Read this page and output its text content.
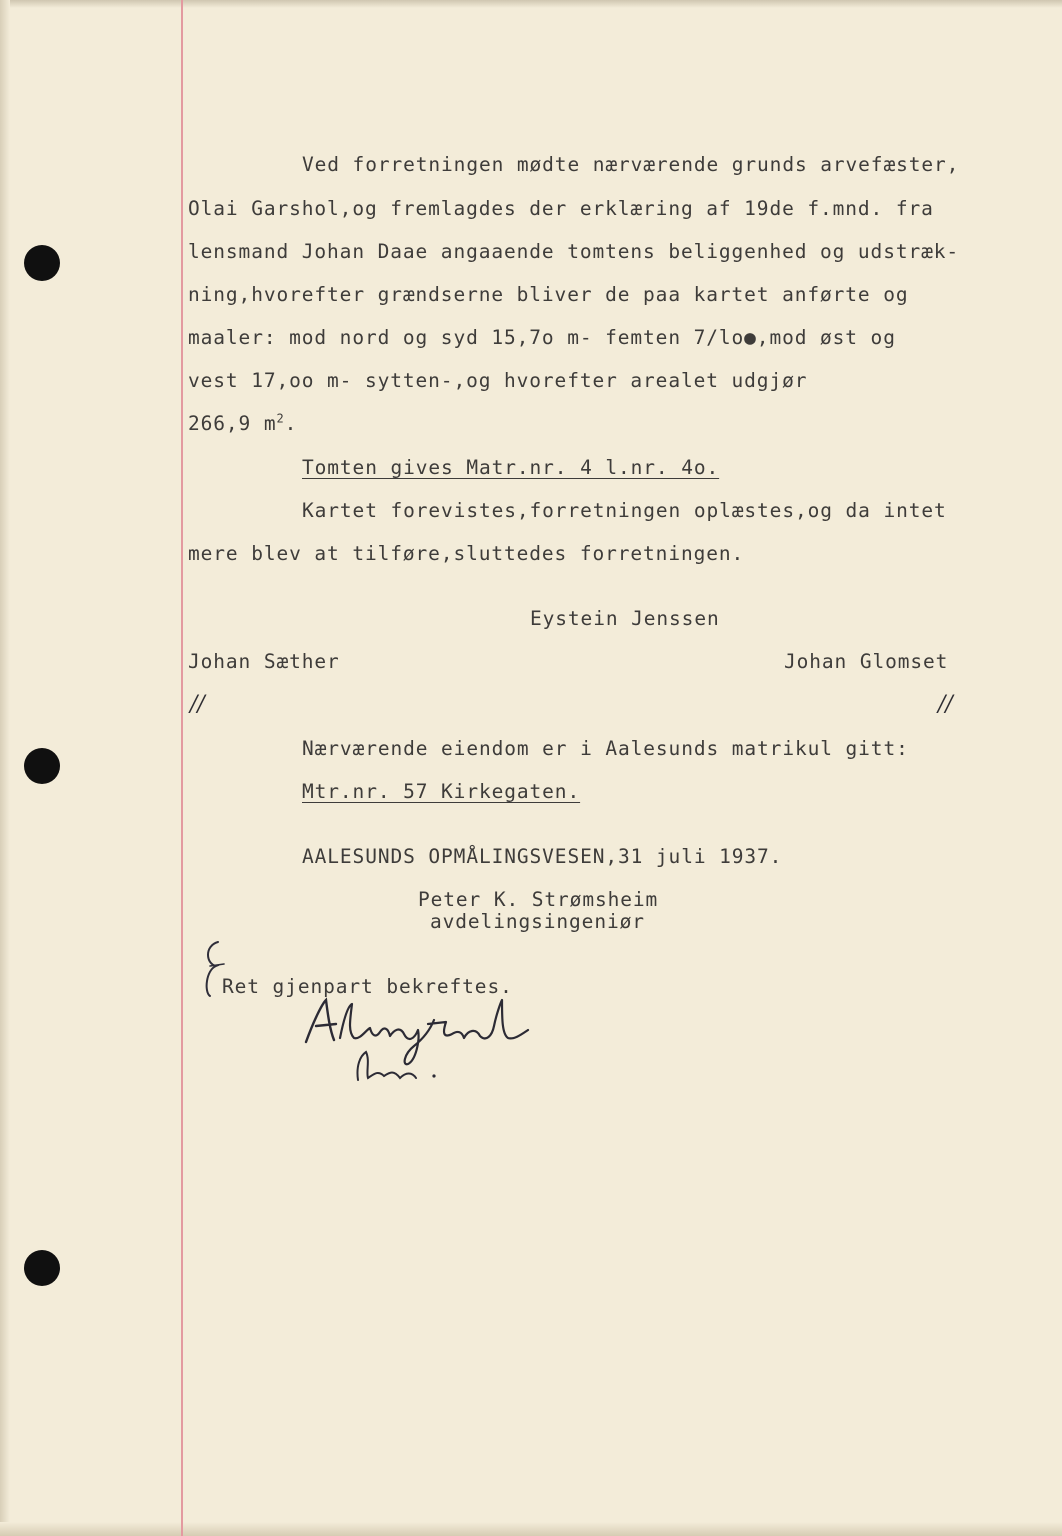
Ved forretningen mødte nærværende grunds arvefæster,
Olai Garshol,og fremlagdes der erklæring af 19de f.mnd. fra
lensmand Johan Daae angaaende tomtens beliggenhed og udstræk-
ning,hvorefter grændserne bliver de paa kartet anførte og
maaler: mod nord og syd 15,7o m- femten 7/lo●,mod øst og
vest 17,oo m- sytten-,og hvorefter arealet udgjør
266,9 $m^2$.
Tomten gives Matr.nr. 4 l.nr. 4o.
Kartet forevistes,forretningen oplæstes,og da intet
mere blev at tilføre,sluttedes forretningen.
Eystein Jenssen
Johan Sæther	Johan Glomset
//	//
Nærværende eiendom er i Aalesunds matrikul gitt:
Mtr.nr. 57 Kirkegaten.
AALESUNDS OPMÅLINGSVESEN,31 juli 1937.
Peter K. Strømsheim
avdelingsingeniør
Ret gjenpart bekreftes.
